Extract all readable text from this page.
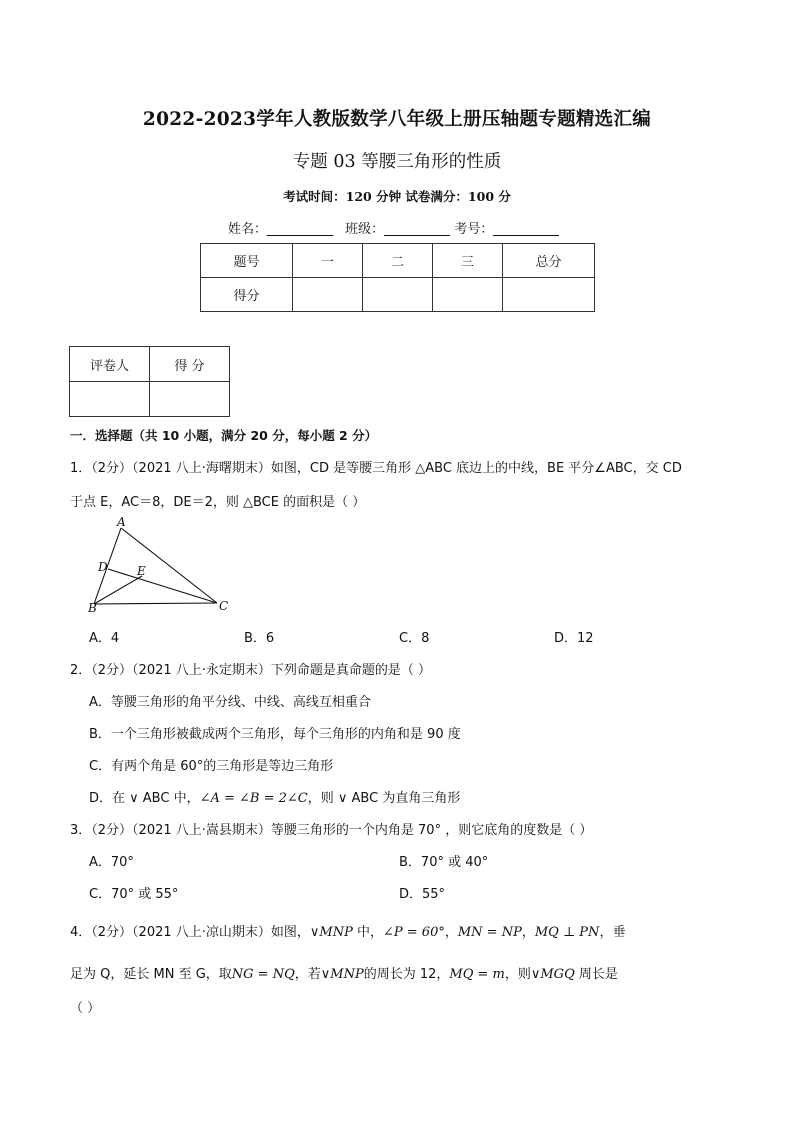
2022-2023学年人教版数学八年级上册压轴题专题精选汇编
专题 03 等腰三角形的性质
考试时间：120 分钟 试卷满分：100 分
姓名：	班级：	考号：
题号	一	二	三	总分
得分				
评卷人	得 分

一．选择题（共 10 小题，满分 20 分，每小题 2 分）
1．（2分）（2021 八上·海曙期末）如图，CD 是等腰三角形 △ABC 底边上的中线，BE 平分∠ABC，交 CD
于点 E，AC＝8，DE＝2，则 △BCE 的面积是（ ）
A
D E
B	C
A．4	B．6	C．8	D．12
2．（2分）（2021 八上·永定期末）下列命题是真命题的是（ ）
A．等腰三角形的角平分线、中线、高线互相重合
B．一个三角形被截成两个三角形，每个三角形的内角和是 90 度
C．有两个角是 60°的三角形是等边三角形
D．在 ∨ ABC 中，∠A = ∠B = 2∠C，则 ∨ ABC 为直角三角形
3．（2分）（2021 八上·嵩县期末）等腰三角形的一个内角是 70° ，则它底角的度数是（ ）
A．70°	B．70° 或 40°
C．70° 或 55°	D．55°
4．（2分）（2021 八上·凉山期末）如图，∨MNP 中，∠P = 60°，MN = NP，MQ ⊥ PN，垂
足为 Q，延长 MN 至 G，取NG = NQ，若∨MNP的周长为 12，MQ = m，则∨MGQ 周长是
（ ）
